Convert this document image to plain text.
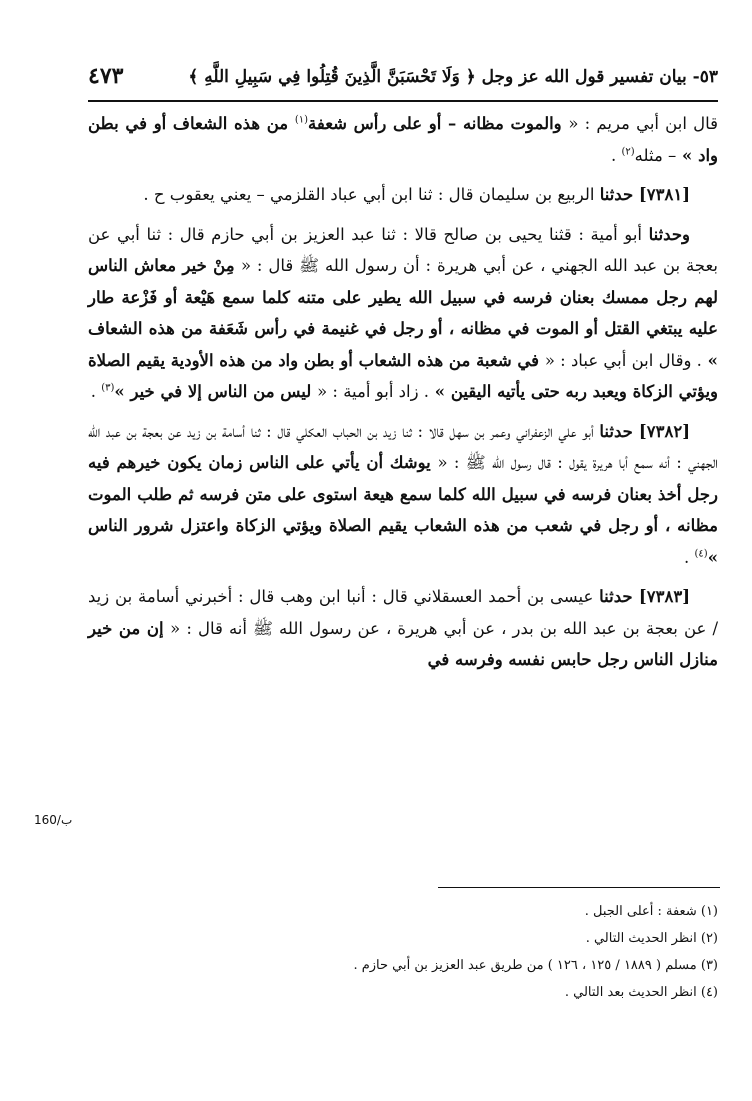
٥٣- بيان تفسير قول الله عز وجل ﴿ وَلَا تَحْسَبَنَّ الَّذِينَ قُتِلُوا فِي سَبِيلِ اللَّهِ ﴾
٤٧٣

قال ابن أبي مريم : « والموت مظانه – أو على رأس شعفة$^{(١)}$ من هذه الشعاف أو في بطن واد » – مثله$^{(٢)}$ .

[٧٣٨١] حدثنا الربيع بن سليمان قال : ثنا ابن أبي عباد القلزمي – يعني يعقوب ح .

وحدثنا أبو أمية : قثنا يحيى بن صالح قالا : ثنا عبد العزيز بن أبي حازم قال : ثنا أبي عن بعجة بن عبد الله الجهني ، عن أبي هريرة : أن رسول الله ﷺ قال : « مِنْ خير معاش الناس لهم رجل ممسك بعنان فرسه في سبيل الله يطير على متنه كلما سمع هَيْعة أو فَزْعة طار عليه يبتغي القتل أو الموت في مظانه ، أو رجل في غنيمة في رأس شَعَفة من هذه الشعاف » . وقال ابن أبي عباد : « في شعبة من هذه الشعاب أو بطن واد من هذه الأودية يقيم الصلاة ويؤتي الزكاة ويعبد ربه حتى يأتيه اليقين » . زاد أبو أمية : « ليس من الناس إلا في خير »$^{(٣)}$ .

[٧٣٨٢] حدثنا أبو علي الزعفراني وعمر بن سهل قالا : ثنا زيد بن الحباب العكلي قال : ثنا أسامة بن زيد عن بعجة بن عبد الله الجهني : أنه سمع أبا هريرة يقول : قال رسول الله ﷺ : « يوشك أن يأتي على الناس زمان يكون خيرهم فيه رجل أخذ بعنان فرسه في سبيل الله كلما سمع هيعة استوى على متن فرسه ثم طلب الموت مظانه ، أو رجل في شعب من هذه الشعاب يقيم الصلاة ويؤتي الزكاة واعتزل شرور الناس »$^{(٤)}$ .

[٧٣٨٣] حدثنا عيسى بن أحمد العسقلاني قال : أنبا ابن وهب قال : أخبرني أسامة بن زيد / عن بعجة بن عبد الله بن بدر ، عن أبي هريرة ، عن رسول الله ﷺ أنه قال : « إن من خير منازل الناس رجل حابس نفسه وفرسه في

160/ب

(١) شعفة : أعلى الجبل .

(٢) انظر الحديث التالي .

(٣) مسلم ( ١٨٨٩ / ١٢٥ ، ١٢٦ ) من طريق عبد العزيز بن أبي حازم .

(٤) انظر الحديث بعد التالي .
